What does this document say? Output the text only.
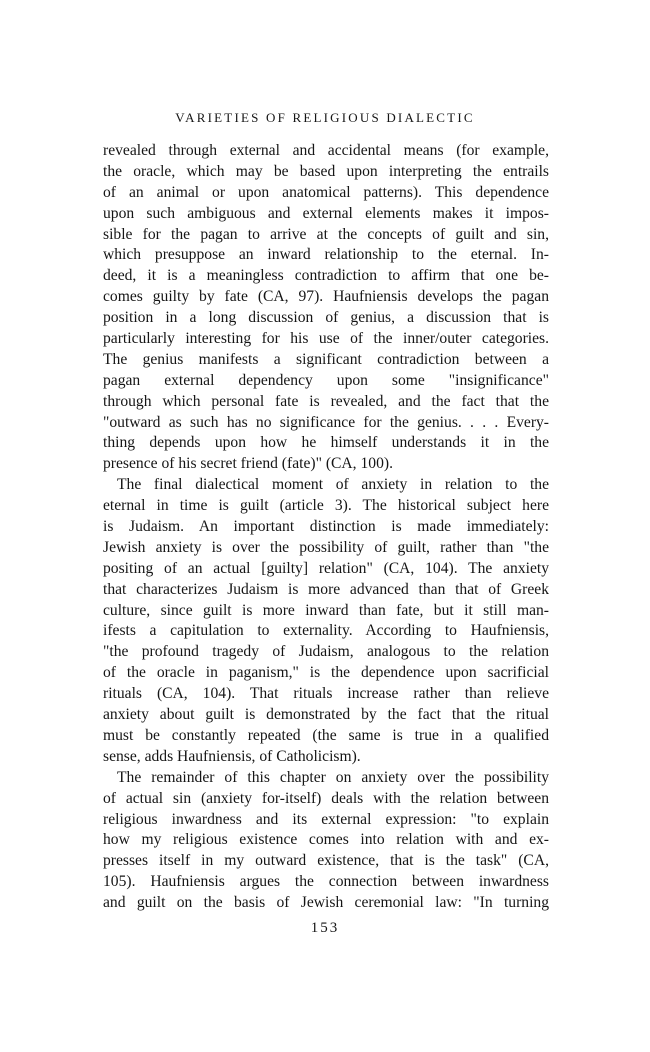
VARIETIES OF RELIGIOUS DIALECTIC
revealed through external and accidental means (for example,
the oracle, which may be based upon interpreting the entrails
of an animal or upon anatomical patterns). This dependence
upon such ambiguous and external elements makes it impos-
sible for the pagan to arrive at the concepts of guilt and sin,
which presuppose an inward relationship to the eternal. In-
deed, it is a meaningless contradiction to affirm that one be-
comes guilty by fate (CA, 97). Haufniensis develops the pagan
position in a long discussion of genius, a discussion that is
particularly interesting for his use of the inner/outer categories.
The genius manifests a significant contradiction between a
pagan external dependency upon some "insignificance"
through which personal fate is revealed, and the fact that the
"outward as such has no significance for the genius. . . . Every-
thing depends upon how he himself understands it in the
presence of his secret friend (fate)" (CA, 100).
The final dialectical moment of anxiety in relation to the
eternal in time is guilt (article 3). The historical subject here
is Judaism. An important distinction is made immediately:
Jewish anxiety is over the possibility of guilt, rather than "the
positing of an actual [guilty] relation" (CA, 104). The anxiety
that characterizes Judaism is more advanced than that of Greek
culture, since guilt is more inward than fate, but it still man-
ifests a capitulation to externality. According to Haufniensis,
"the profound tragedy of Judaism, analogous to the relation
of the oracle in paganism," is the dependence upon sacrificial
rituals (CA, 104). That rituals increase rather than relieve
anxiety about guilt is demonstrated by the fact that the ritual
must be constantly repeated (the same is true in a qualified
sense, adds Haufniensis, of Catholicism).
The remainder of this chapter on anxiety over the possibility
of actual sin (anxiety for-itself) deals with the relation between
religious inwardness and its external expression: "to explain
how my religious existence comes into relation with and ex-
presses itself in my outward existence, that is the task" (CA,
105). Haufniensis argues the connection between inwardness
and guilt on the basis of Jewish ceremonial law: "In turning
153
